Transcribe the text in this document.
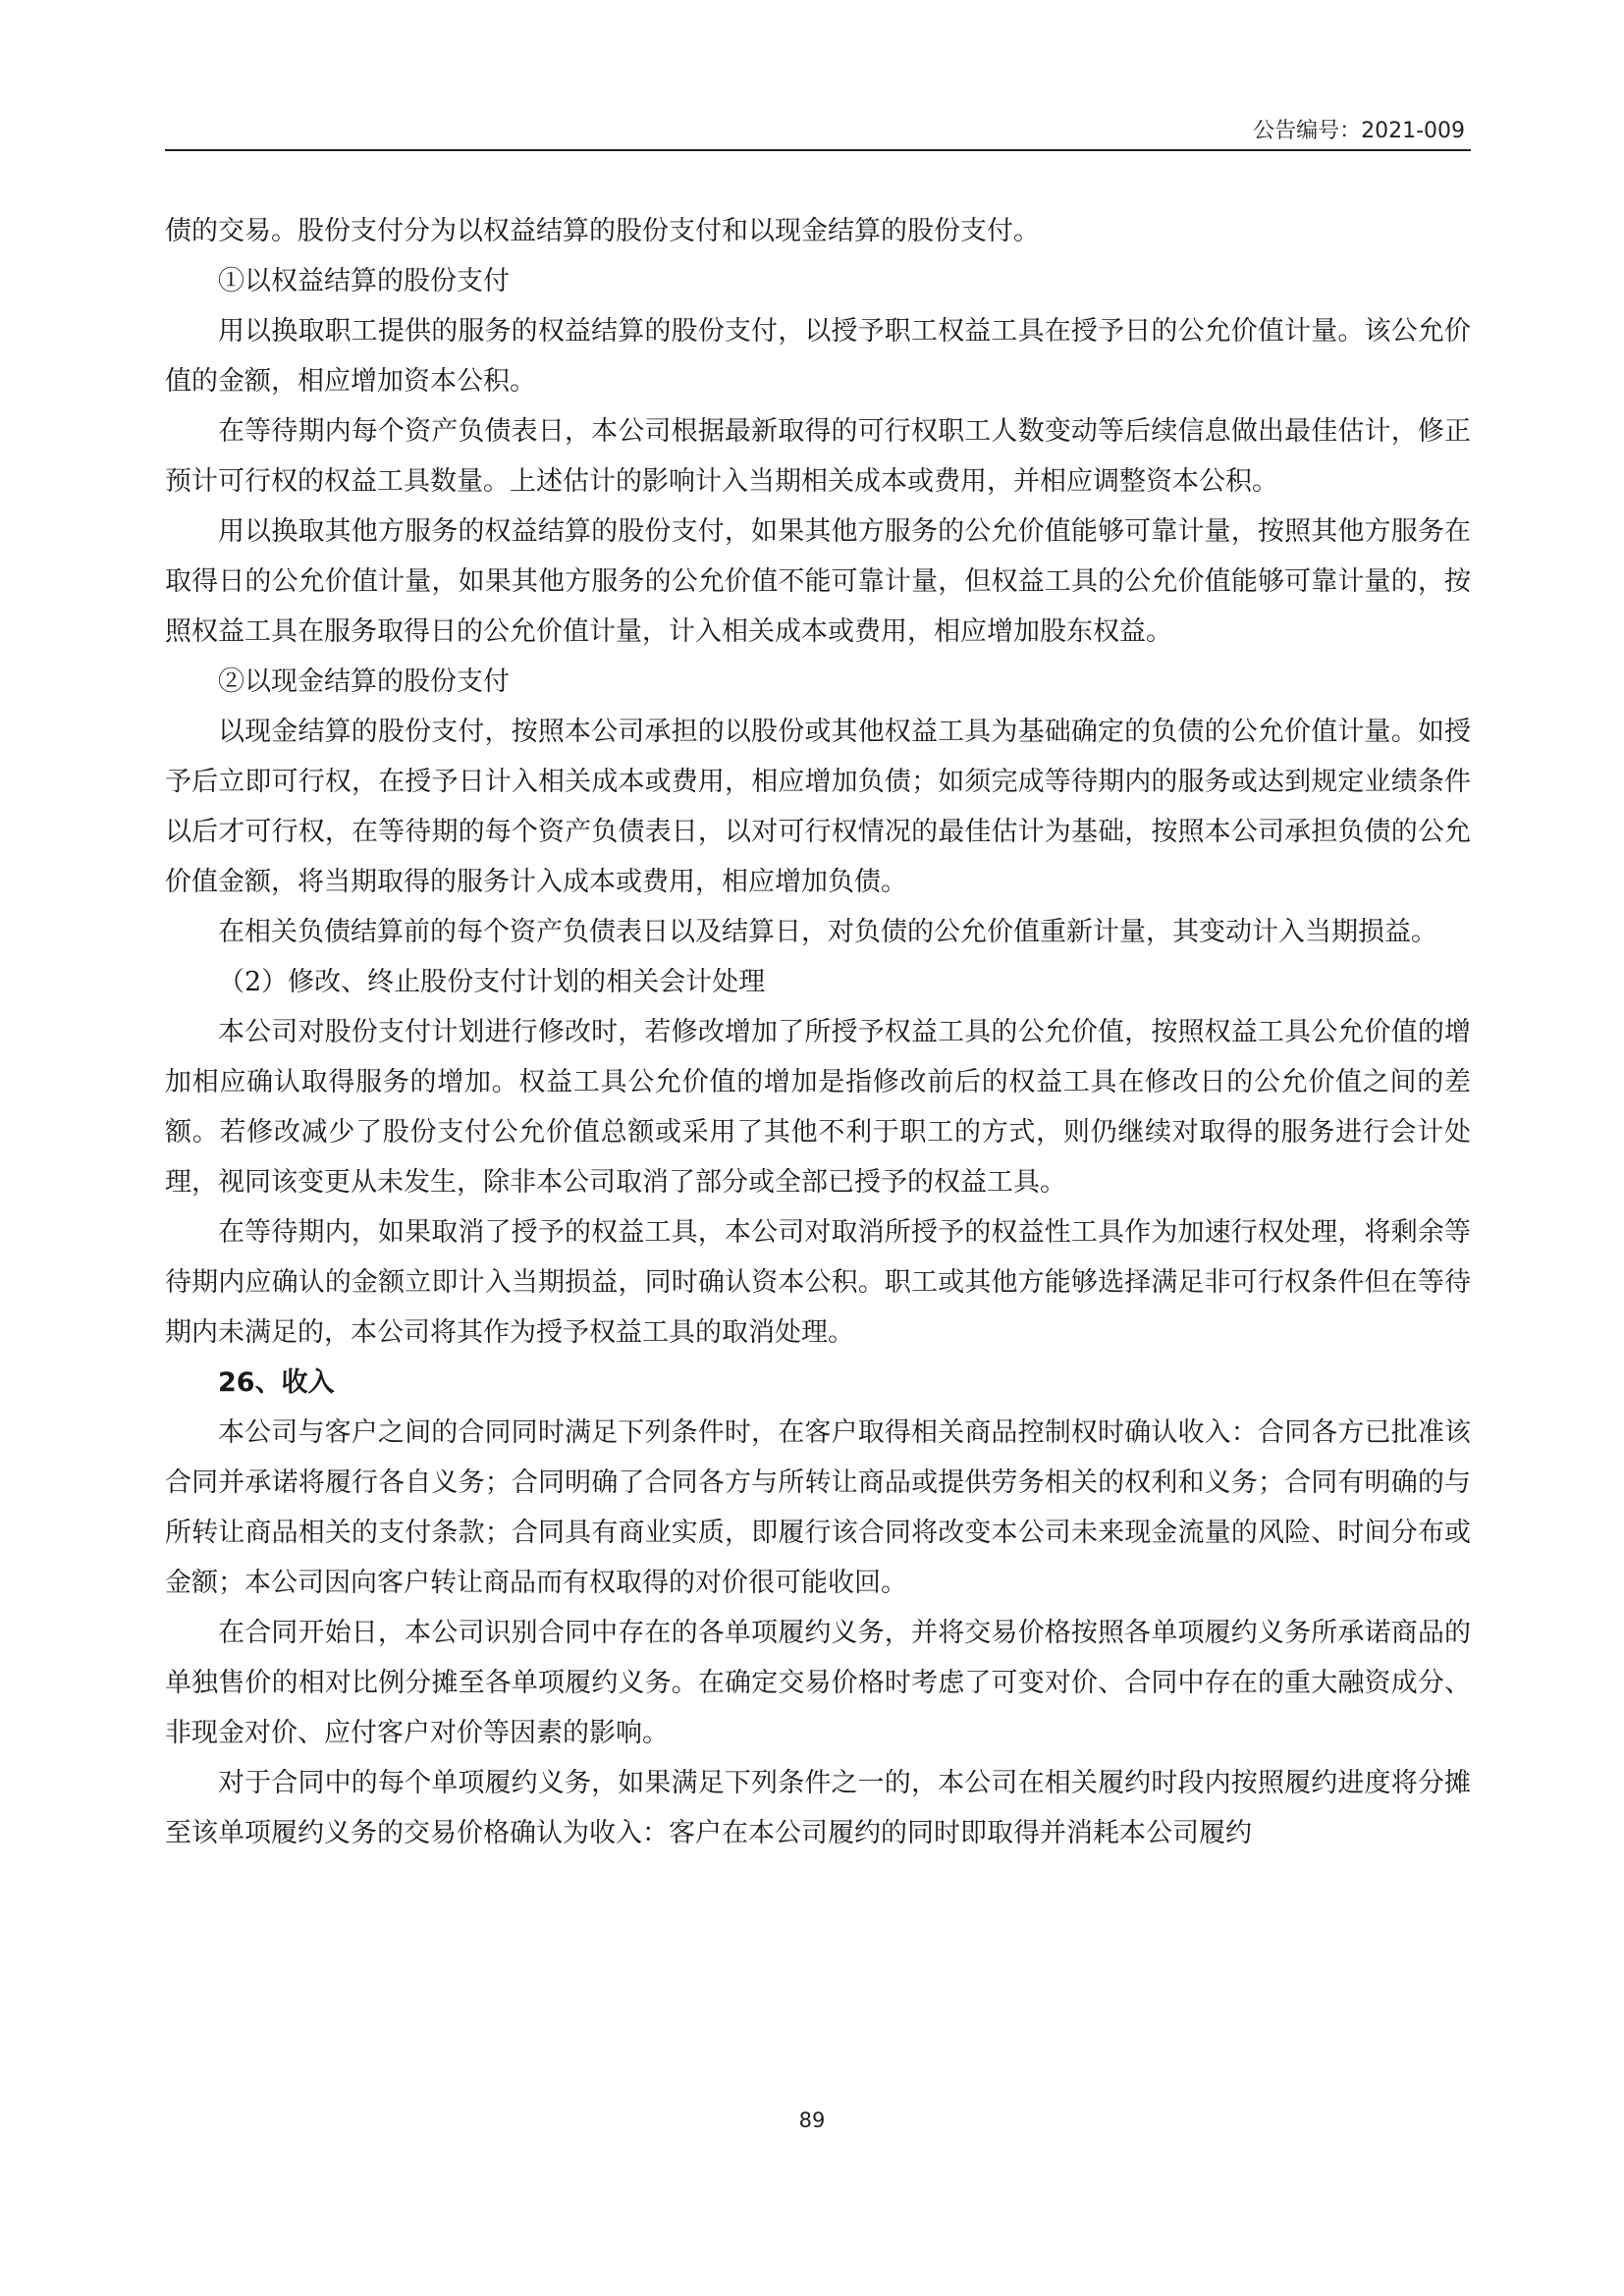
公告编号：2021-009

债的交易。股份支付分为以权益结算的股份支付和以现金结算的股份支付。

①以权益结算的股份支付

用以换取职工提供的服务的权益结算的股份支付，以授予职工权益工具在授予日的公允价值计量。该公允价值的金额，相应增加资本公积。

在等待期内每个资产负债表日，本公司根据最新取得的可行权职工人数变动等后续信息做出最佳估计，修正预计可行权的权益工具数量。上述估计的影响计入当期相关成本或费用，并相应调整资本公积。

用以换取其他方服务的权益结算的股份支付，如果其他方服务的公允价值能够可靠计量，按照其他方服务在取得日的公允价值计量，如果其他方服务的公允价值不能可靠计量，但权益工具的公允价值能够可靠计量的，按照权益工具在服务取得日的公允价值计量，计入相关成本或费用，相应增加股东权益。

②以现金结算的股份支付

以现金结算的股份支付，按照本公司承担的以股份或其他权益工具为基础确定的负债的公允价值计量。如授予后立即可行权，在授予日计入相关成本或费用，相应增加负债；如须完成等待期内的服务或达到规定业绩条件以后才可行权，在等待期的每个资产负债表日，以对可行权情况的最佳估计为基础，按照本公司承担负债的公允价值金额，将当期取得的服务计入成本或费用，相应增加负债。

在相关负债结算前的每个资产负债表日以及结算日，对负债的公允价值重新计量，其变动计入当期损益。

（2）修改、终止股份支付计划的相关会计处理

本公司对股份支付计划进行修改时，若修改增加了所授予权益工具的公允价值，按照权益工具公允价值的增加相应确认取得服务的增加。权益工具公允价值的增加是指修改前后的权益工具在修改日的公允价值之间的差额。若修改减少了股份支付公允价值总额或采用了其他不利于职工的方式，则仍继续对取得的服务进行会计处理，视同该变更从未发生，除非本公司取消了部分或全部已授予的权益工具。

在等待期内，如果取消了授予的权益工具，本公司对取消所授予的权益性工具作为加速行权处理，将剩余等待期内应确认的金额立即计入当期损益，同时确认资本公积。职工或其他方能够选择满足非可行权条件但在等待期内未满足的，本公司将其作为授予权益工具的取消处理。

26、收入

本公司与客户之间的合同同时满足下列条件时，在客户取得相关商品控制权时确认收入：合同各方已批准该合同并承诺将履行各自义务；合同明确了合同各方与所转让商品或提供劳务相关的权利和义务；合同有明确的与所转让商品相关的支付条款；合同具有商业实质，即履行该合同将改变本公司未来现金流量的风险、时间分布或金额；本公司因向客户转让商品而有权取得的对价很可能收回。

在合同开始日，本公司识别合同中存在的各单项履约义务，并将交易价格按照各单项履约义务所承诺商品的单独售价的相对比例分摊至各单项履约义务。在确定交易价格时考虑了可变对价、合同中存在的重大融资成分、非现金对价、应付客户对价等因素的影响。

对于合同中的每个单项履约义务，如果满足下列条件之一的，本公司在相关履约时段内按照履约进度将分摊至该单项履约义务的交易价格确认为收入：客户在本公司履约的同时即取得并消耗本公司履约

89
